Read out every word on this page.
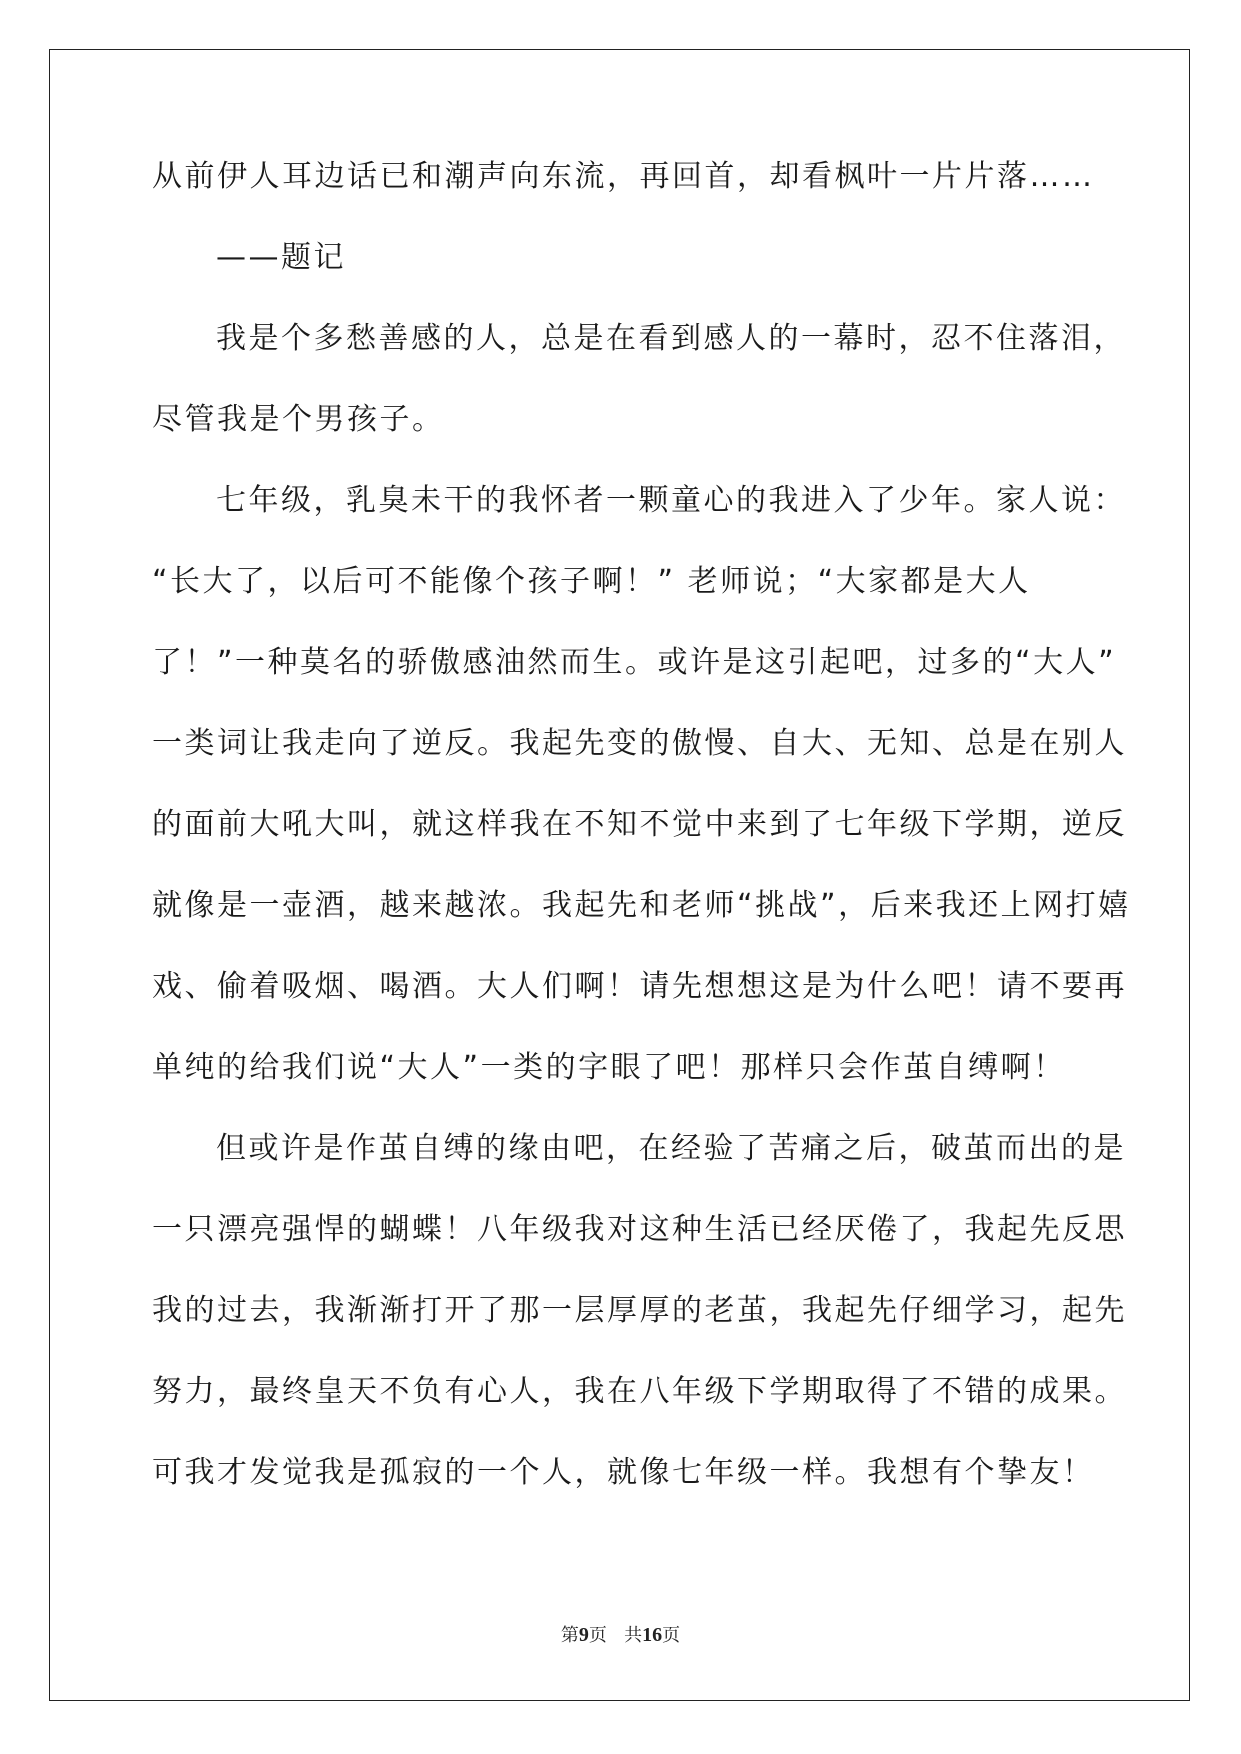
从前伊人耳边话已和潮声向东流，再回首，却看枫叶一片片落……
——题记
我是个多愁善感的人，总是在看到感人的一幕时，忍不住落泪，
尽管我是个男孩子。
七年级，乳臭未干的我怀者一颗童心的我进入了少年。家人说：
“长大了，以后可不能像个孩子啊！” 老师说；“大家都是大人
了！”一种莫名的骄傲感油然而生。或许是这引起吧，过多的“大人”
一类词让我走向了逆反。我起先变的傲慢、自大、无知、总是在别人
的面前大吼大叫，就这样我在不知不觉中来到了七年级下学期，逆反
就像是一壶酒，越来越浓。我起先和老师“挑战”，后来我还上网打嬉
戏、偷着吸烟、喝酒。大人们啊！请先想想这是为什么吧！请不要再
单纯的给我们说“大人”一类的字眼了吧！那样只会作茧自缚啊！
但或许是作茧自缚的缘由吧，在经验了苦痛之后，破茧而出的是
一只漂亮强悍的蝴蝶！八年级我对这种生活已经厌倦了，我起先反思
我的过去，我渐渐打开了那一层厚厚的老茧，我起先仔细学习，起先
努力，最终皇天不负有心人，我在八年级下学期取得了不错的成果。
可我才发觉我是孤寂的一个人，就像七年级一样。我想有个挚友！
第9页 共16页
